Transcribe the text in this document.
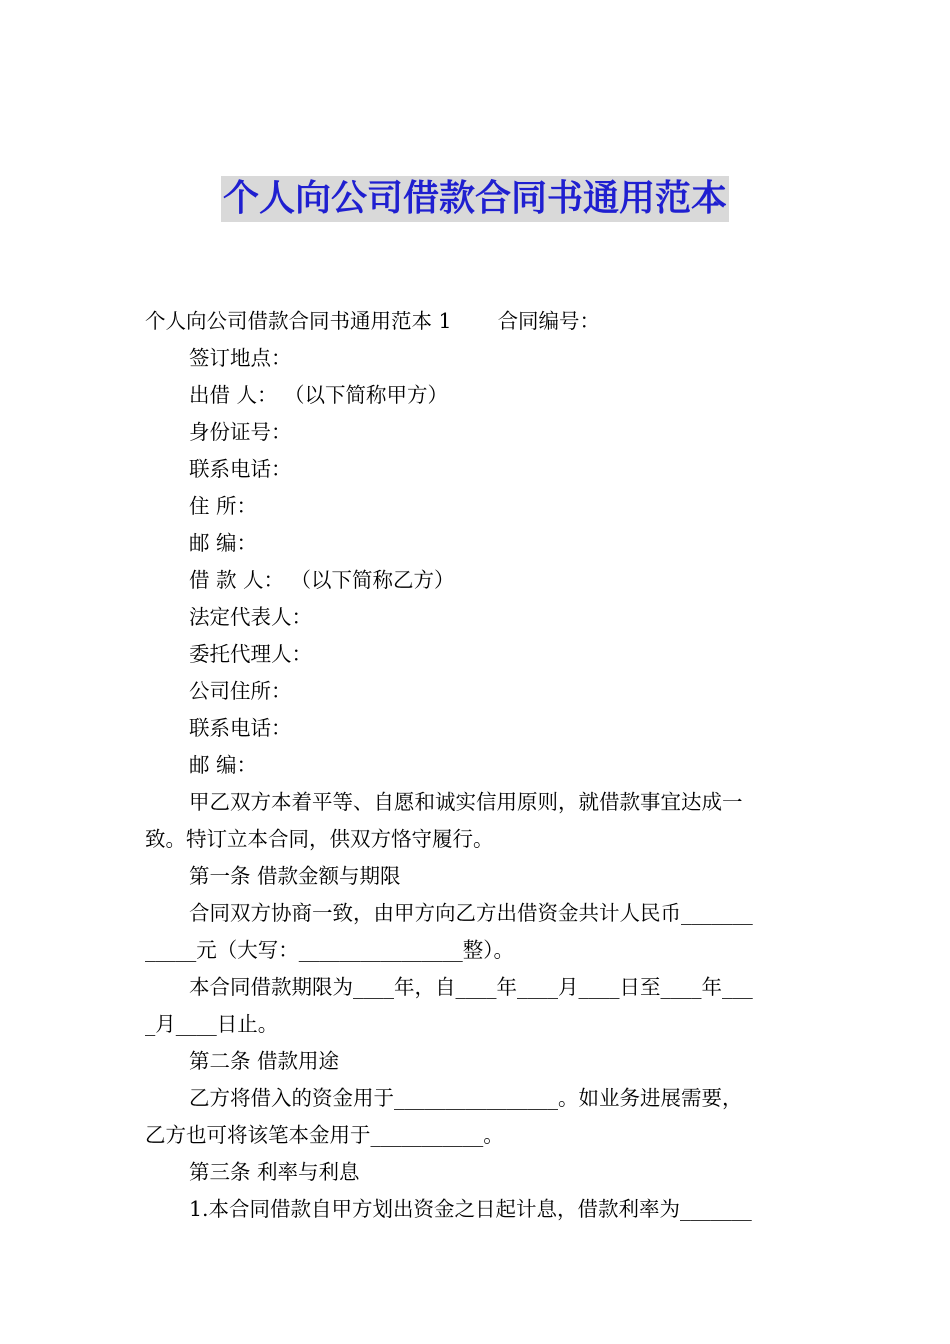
个人向公司借款合同书通用范本
个人向公司借款合同书通用范本 1 合同编号：
签订地点：
出借 人： （以下简称甲方）
身份证号：
联系电话：
住 所：
邮 编：
借 款 人： （以下简称乙方）
法定代表人：
委托代理人：
公司住所：
联系电话：
邮 编：
甲乙双方本着平等、自愿和诚实信用原则，就借款事宜达成一
致。特订立本合同，供双方恪守履行。
第一条 借款金额与期限
合同双方协商一致，由甲方向乙方出借资金共计人民币_______
_____元（大写：________________整）。
本合同借款期限为____年，自____年____月____日至____年___
_月____日止。
第二条 借款用途
乙方将借入的资金用于________________。如业务进展需要，
乙方也可将该笔本金用于___________。
第三条 利率与利息
1.本合同借款自甲方划出资金之日起计息，借款利率为_______
